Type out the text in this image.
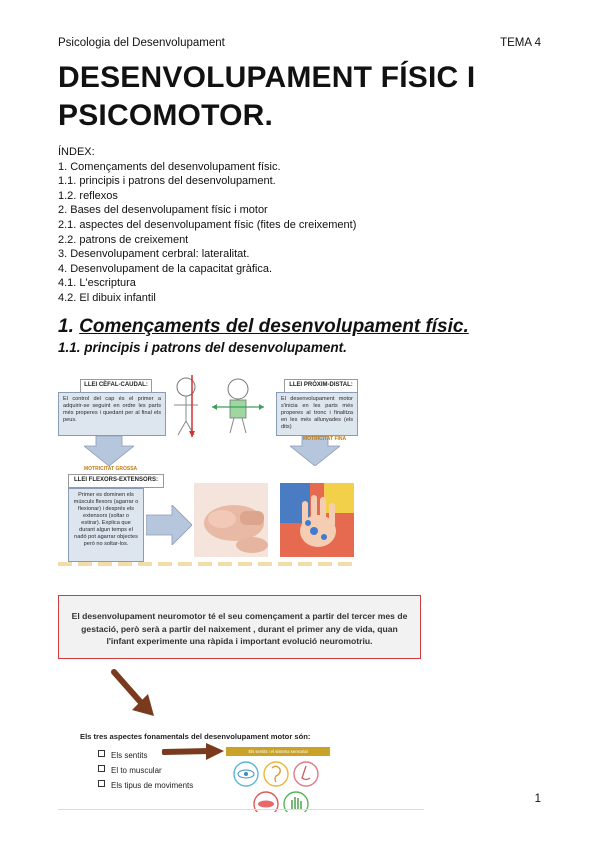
Psicologia del Desenvolupament	TEMA 4
DESENVOLUPAMENT FÍSIC I PSICOMOTOR.
ÍNDEX:
1. Començaments del desenvolupament físic.
1.1. principis i patrons del desenvolupament.
1.2. reflexos
2. Bases del desenvolupament físic i motor
2.1. aspectes del desenvolupament físic (fites de creixement)
2.2. patrons de creixement
3. Desenvolupament cerbral: lateralitat.
4. Desenvolupament de la capacitat gràfica.
4.1. L'escriptura
4.2. El dibuix infantil
1. Començaments del desenvolupament físic.
1.1. principis i patrons del desenvolupament.
LLEI CÈFAL-CAUDAL:
El control del cap és el primer a adquirir-se seguint en ordre les parts més properes i quedant per al final els peus.
MOTRICITAT GROSSA
LLEI PRÒXIM-DISTAL:
El desenvolupament motor s'inicia en les parts més properes al tronc i finalitza en les més allunyades (els dits)
MOTRICITAT FINA
LLEI FLEXORS-EXTENSORS:
Primer es dominen els músculs flexors (agarrar o flexionar) i després els extensors (soltar o estirar). Explica que durant algun temps el nadó pot agarrar objectes però no soltar-los.
El desenvolupament neuromotor té el seu començament a partir del tercer mes de gestació, però serà a partir del naixement , durant el primer any de vida, quan l'infant experimente una ràpida i important evolució neuromotriu.
Els tres aspectes fonamentals del desenvolupament motor són:
Els sentits
El to muscular
Els tipus de moviments
Els sentits i el sistema sensorial
1
